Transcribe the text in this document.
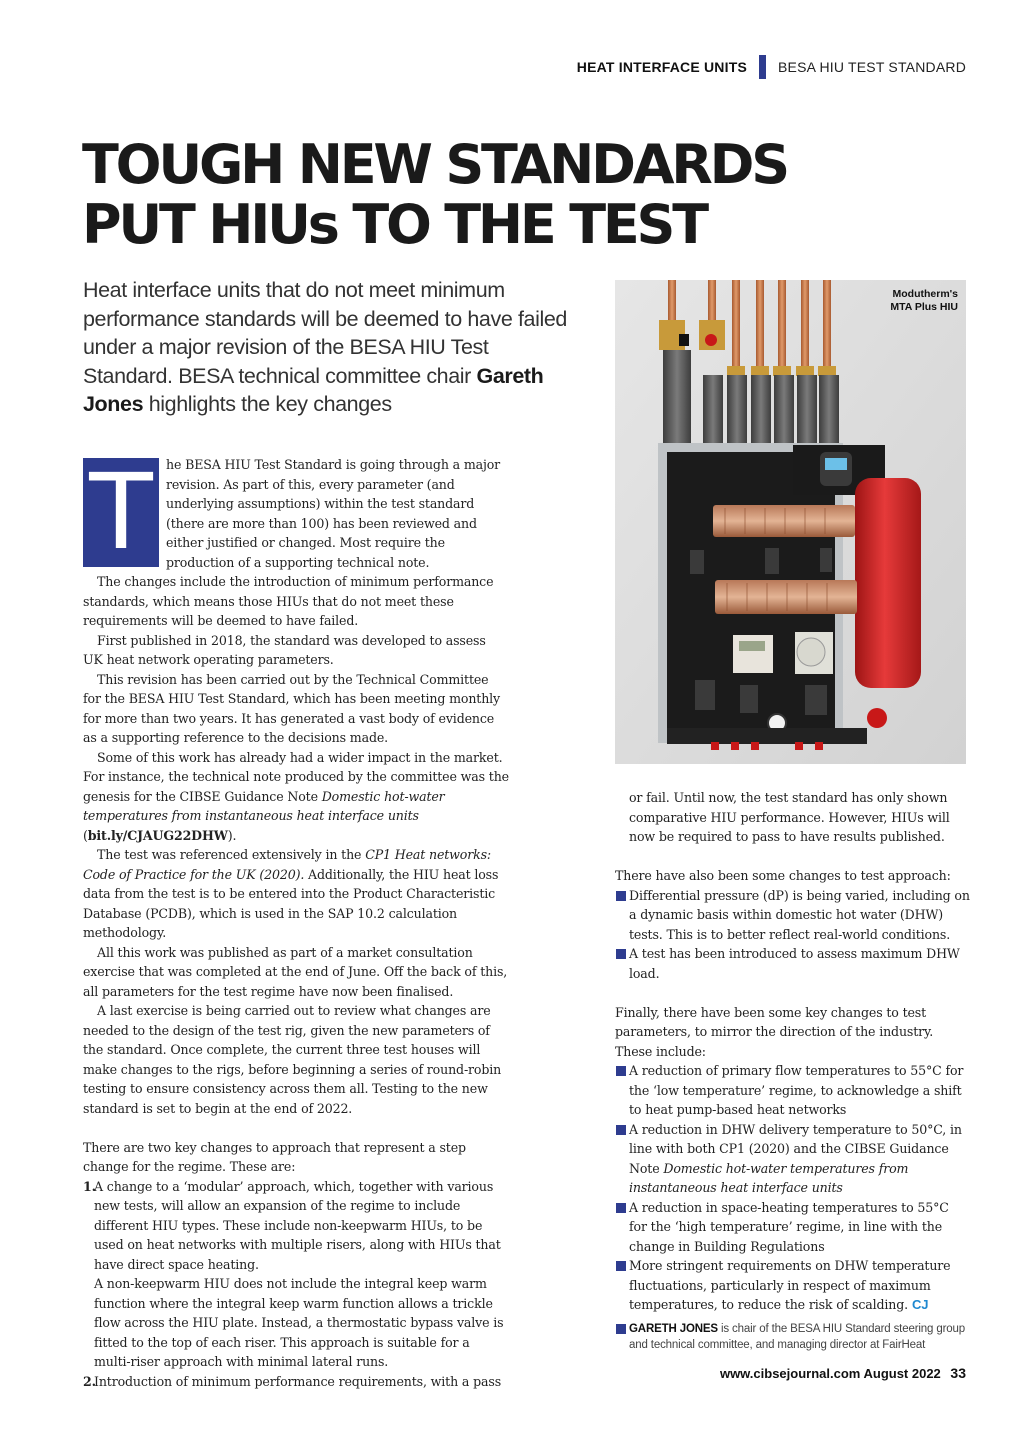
HEAT INTERFACE UNITS BESA HIU TEST STANDARD
TOUGH NEW STANDARDS
PUT HIUs TO THE TEST

Heat interface units that do not meet minimum performance standards will be deemed to have failed under a major revision of the BESA HIU Test Standard. BESA technical committee chair Gareth Jones highlights the key changes

Modutherm's
MTA Plus HIU
T	he BESA HIU Test Standard is going through a major revision. As part of this, every parameter (and underlying assumptions) within the test standard (there are more than 100) has been reviewed and either justified or changed. Most require the production of a supporting technical note.

The changes include the introduction of minimum performance standards, which means those HIUs that do not meet these requirements will be deemed to have failed.

First published in 2018, the standard was developed to assess UK heat network operating parameters.

This revision has been carried out by the Technical Committee for the BESA HIU Test Standard, which has been meeting monthly for more than two years. It has generated a vast body of evidence as a supporting reference to the decisions made.

Some of this work has already had a wider impact in the market. For instance, the technical note produced by the committee was the genesis for the CIBSE Guidance Note Domestic hot-water temperatures from instantaneous heat interface units (bit.ly/CJAUG22DHW).

The test was referenced extensively in the CP1 Heat networks: Code of Practice for the UK (2020). Additionally, the HIU heat loss data from the test is to be entered into the Product Characteristic Database (PCDB), which is used in the SAP 10.2 calculation methodology.

All this work was published as part of a market consultation exercise that was completed at the end of June. Off the back of this, all parameters for the test regime have now been finalised.

A last exercise is being carried out to review what changes are needed to the design of the test rig, given the new parameters of the standard. Once complete, the current three test houses will make changes to the rigs, before beginning a series of round-robin testing to ensure consistency across them all. Testing to the new standard is set to begin at the end of 2022.

There are two key changes to approach that represent a step change for the regime. These are:

1.

A change to a ‘modular’ approach, which, together with various new tests, will allow an expansion of the regime to include different HIU types. These include non-keepwarm HIUs, to be used on heat networks with multiple risers, along with HIUs that have direct space heating.

A non-keepwarm HIU does not include the integral keep warm function where the integral keep warm function allows a trickle flow across the HIU plate. Instead, a thermostatic bypass valve is fitted to the top of each riser. This approach is suitable for a multi-riser approach with minimal lateral runs.

2.

Introduction of minimum performance requirements, with a pass

or fail. Until now, the test standard has only shown comparative HIU performance. However, HIUs will now be required to pass to have results published.

There have also been some changes to test approach:

Differential pressure (dP) is being varied, including on a dynamic basis within domestic hot water (DHW) tests. This is to better reflect real-world conditions.
A test has been introduced to assess maximum DHW load.

Finally, there have been some key changes to test parameters, to mirror the direction of the industry. These include:

A reduction of primary flow temperatures to 55°C for the ‘low temperature’ regime, to acknowledge a shift to heat pump-based heat networks
A reduction in DHW delivery temperature to 50°C, in line with both CP1 (2020) and the CIBSE Guidance Note Domestic hot-water temperatures from instantaneous heat interface units
A reduction in space-heating temperatures to 55°C for the ‘high temperature’ regime, in line with the change in Building Regulations
More stringent requirements on DHW temperature fluctuations, particularly in respect of maximum temperatures, to reduce the risk of scalding. CJ
GARETH JONES is chair of the BESA HIU Standard steering group and technical committee, and managing director at FairHeat
www.cibsejournal.com August 2022 33
